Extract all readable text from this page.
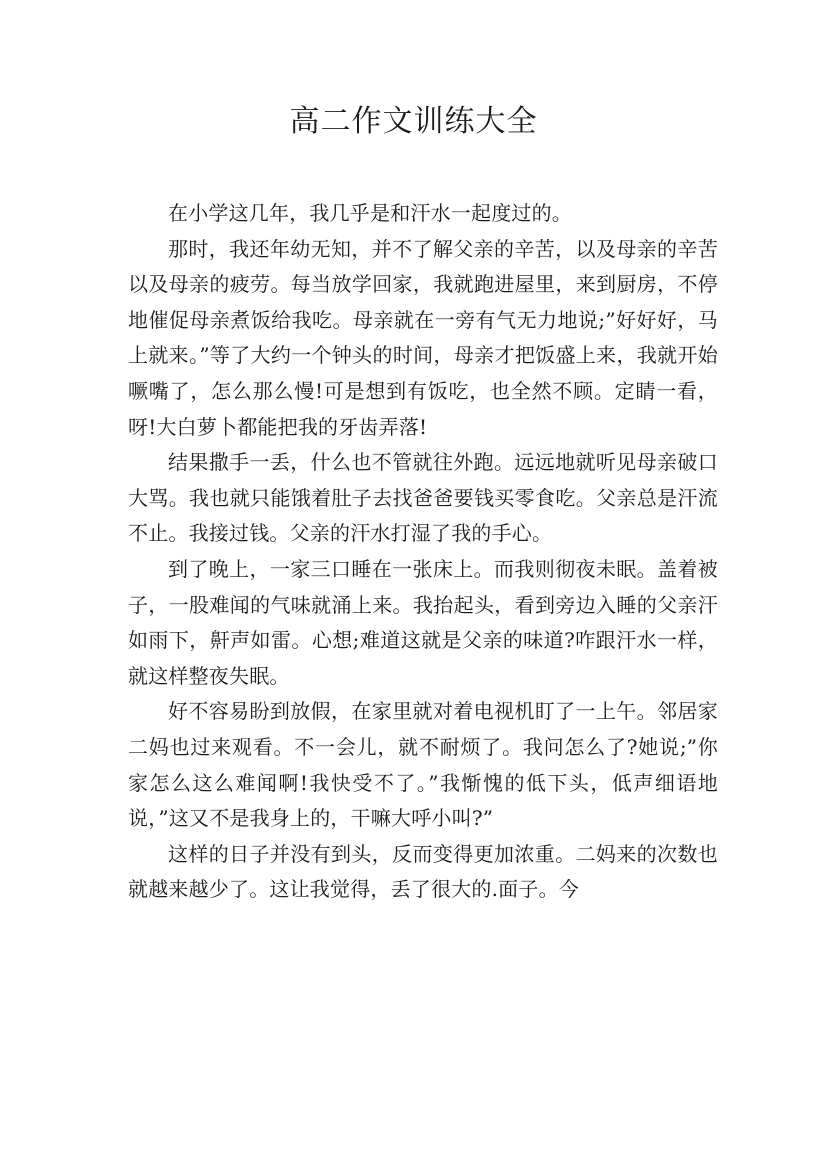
高二作文训练大全

在小学这几年，我几乎是和汗水一起度过的。

那时，我还年幼无知，并不了解父亲的辛苦，以及母亲的辛苦以及母亲的疲劳。每当放学回家，我就跑进屋里，来到厨房，不停地催促母亲煮饭给我吃。母亲就在一旁有气无力地说;”好好好，马上就来。”等了大约一个钟头的时间，母亲才把饭盛上来，我就开始噘嘴了，怎么那么慢!可是想到有饭吃，也全然不顾。定睛一看，呀!大白萝卜都能把我的牙齿弄落!

结果撒手一丢，什么也不管就往外跑。远远地就听见母亲破口大骂。我也就只能饿着肚子去找爸爸要钱买零食吃。父亲总是汗流不止。我接过钱。父亲的汗水打湿了我的手心。

到了晚上，一家三口睡在一张床上。而我则彻夜未眠。盖着被子，一股难闻的气味就涌上来。我抬起头，看到旁边入睡的父亲汗如雨下，鼾声如雷。心想;难道这就是父亲的味道?咋跟汗水一样，就这样整夜失眠。

好不容易盼到放假，在家里就对着电视机盯了一上午。邻居家二妈也过来观看。不一会儿，就不耐烦了。我问怎么了?她说;”你家怎么这么难闻啊!我快受不了。”我惭愧的低下头，低声细语地说，”这又不是我身上的，干嘛大呼小叫?”

这样的日子并没有到头，反而变得更加浓重。二妈来的次数也就越来越少了。这让我觉得，丢了很大的.面子。今
